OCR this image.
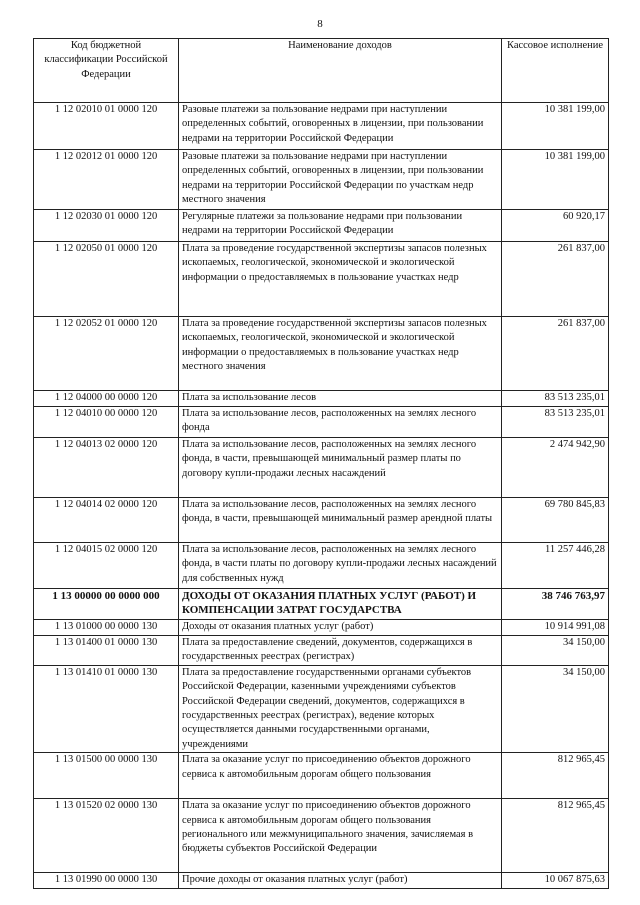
8
Код бюджетной классификации Российской Федерации	Наименование доходов	Кассовое исполнение
1 12 02010 01 0000 120	Разовые платежи за пользование недрами при наступлении определенных событий, оговоренных в лицензии, при пользовании недрами на территории Российской Федерации	10 381 199,00
1 12 02012 01 0000 120	Разовые платежи за пользование недрами при наступлении определенных событий, оговоренных в лицензии, при пользовании недрами на территории Российской Федерации по участкам недр местного значения	10 381 199,00
1 12 02030 01 0000 120	Регулярные платежи за пользование недрами при пользовании недрами на территории Российской Федерации	60 920,17
1 12 02050 01 0000 120	Плата за проведение государственной экспертизы запасов полезных ископаемых, геологической, экономической и экологической информации о предоставляемых в пользование участках недр	261 837,00
1 12 02052 01 0000 120	Плата за проведение государственной экспертизы запасов полезных ископаемых, геологической, экономической и экологической информации о предоставляемых в пользование участках недр местного значения	261 837,00
1 12 04000 00 0000 120	Плата за использование лесов	83 513 235,01
1 12 04010 00 0000 120	Плата за использование лесов, расположенных на землях лесного фонда	83 513 235,01
1 12 04013 02 0000 120	Плата за использование лесов, расположенных на землях лесного фонда, в части, превышающей минимальный размер платы по договору купли-продажи лесных насаждений	2 474 942,90
1 12 04014 02 0000 120	Плата за использование лесов, расположенных на землях лесного фонда, в части, превышающей минимальный размер арендной платы	69 780 845,83
1 12 04015 02 0000 120	Плата за использование лесов, расположенных на землях лесного фонда, в части платы по договору купли-продажи лесных насаждений для собственных нужд	11 257 446,28
1 13 00000 00 0000 000	ДОХОДЫ ОТ ОКАЗАНИЯ ПЛАТНЫХ УСЛУГ (РАБОТ) И КОМПЕНСАЦИИ ЗАТРАТ ГОСУДАРСТВА	38 746 763,97
1 13 01000 00 0000 130	Доходы от оказания платных услуг (работ)	10 914 991,08
1 13 01400 01 0000 130	Плата за предоставление сведений, документов, содержащихся в государственных реестрах (регистрах)	34 150,00
1 13 01410 01 0000 130	Плата за предоставление государственными органами субъектов Российской Федерации, казенными учреждениями субъектов Российской Федерации сведений, документов, содержащихся в государственных реестрах (регистрах), ведение которых осуществляется данными государственными органами, учреждениями	34 150,00
1 13 01500 00 0000 130	Плата за оказание услуг по присоединению объектов дорожного сервиса к автомобильным дорогам общего пользования	812 965,45
1 13 01520 02 0000 130	Плата за оказание услуг по присоединению объектов дорожного сервиса к автомобильным дорогам общего пользования регионального или межмуниципального значения, зачисляемая в бюджеты субъектов Российской Федерации	812 965,45
1 13 01990 00 0000 130	Прочие доходы от оказания платных услуг (работ)	10 067 875,63
